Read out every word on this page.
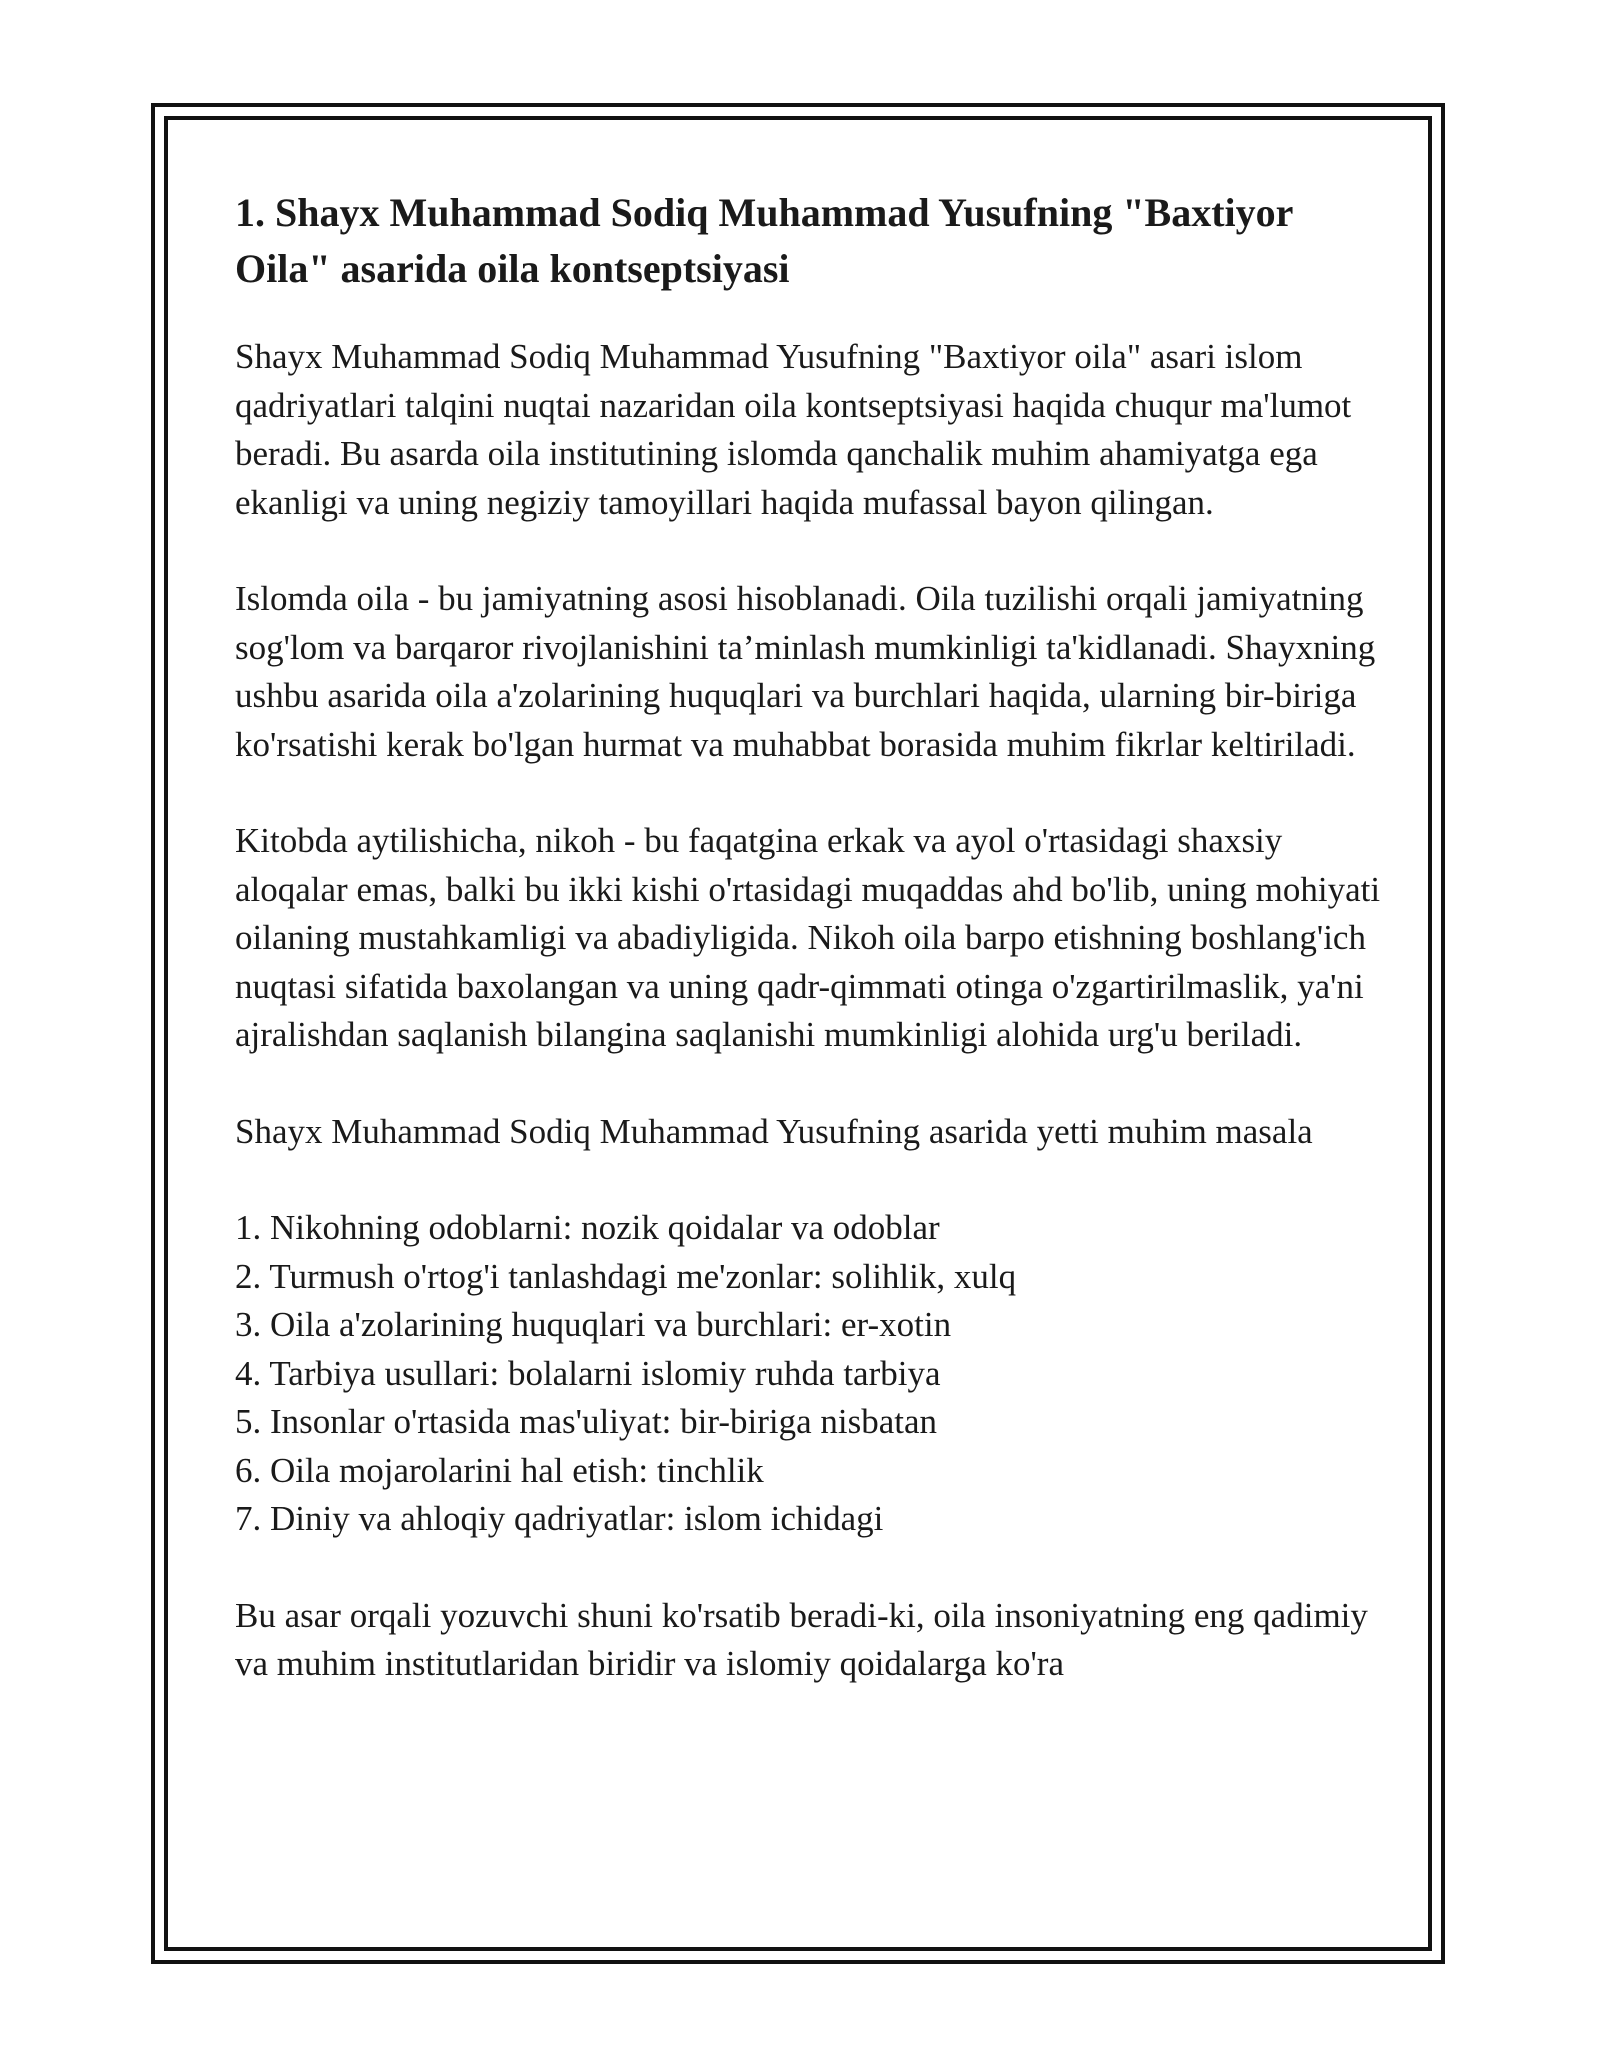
1. Shayx Muhammad Sodiq Muhammad Yusufning "Baxtiyor Oila" asarida oila kontseptsiyasi

Shayx Muhammad Sodiq Muhammad Yusufning "Baxtiyor oila" asari islom qadriyatlari talqini nuqtai nazaridan oila kontseptsiyasi haqida chuqur ma'lumot beradi. Bu asarda oila institutining islomda qanchalik muhim ahamiyatga ega ekanligi va uning negiziy tamoyillari haqida mufassal bayon qilingan.

Islomda oila - bu jamiyatning asosi hisoblanadi. Oila tuzilishi orqali jamiyatning sog'lom va barqaror rivojlanishini ta’minlash mumkinligi ta'kidlanadi. Shayxning ushbu asarida oila a'zolarining huquqlari va burchlari haqida, ularning bir-biriga ko'rsatishi kerak bo'lgan hurmat va muhabbat borasida muhim fikrlar keltiriladi.

Kitobda aytilishicha, nikoh - bu faqatgina erkak va ayol o'rtasidagi shaxsiy aloqalar emas, balki bu ikki kishi o'rtasidagi muqaddas ahd bo'lib, uning mohiyati oilaning mustahkamligi va abadiyligida. Nikoh oila barpo etishning boshlang'ich nuqtasi sifatida baxolangan va uning qadr-qimmati otinga o'zgartirilmaslik, ya'ni ajralishdan saqlanish bilangina saqlanishi mumkinligi alohida urg'u beriladi.

Shayx Muhammad Sodiq Muhammad Yusufning asarida yetti muhim masala

1. Nikohning odoblarni: nozik qoidalar va odoblar
2. Turmush o'rtog'i tanlashdagi me'zonlar: solihlik, xulq
3. Oila a'zolarining huquqlari va burchlari: er-xotin
4. Tarbiya usullari: bolalarni islomiy ruhda tarbiya
5. Insonlar o'rtasida mas'uliyat: bir-biriga nisbatan
6. Oila mojarolarini hal etish: tinchlik
7. Diniy va ahloqiy qadriyatlar: islom ichidagi

Bu asar orqali yozuvchi shuni ko'rsatib beradi-ki, oila insoniyatning eng qadimiy va muhim institutlaridan biridir va islomiy qoidalarga ko'ra
